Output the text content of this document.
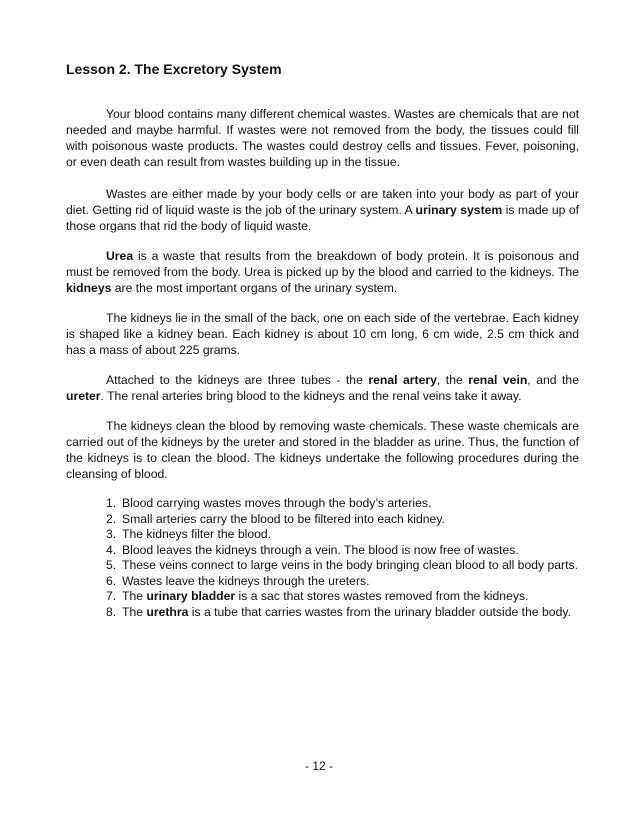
Lesson 2. The Excretory System

Your blood contains many different chemical wastes. Wastes are chemicals that are not needed and maybe harmful. If wastes were not removed from the body, the tissues could fill with poisonous waste products. The wastes could destroy cells and tissues. Fever, poisoning, or even death can result from wastes building up in the tissue.

Wastes are either made by your body cells or are taken into your body as part of your diet. Getting rid of liquid waste is the job of the urinary system. A urinary system is made up of those organs that rid the body of liquid waste.

Urea is a waste that results from the breakdown of body protein. It is poisonous and must be removed from the body. Urea is picked up by the blood and carried to the kidneys. The kidneys are the most important organs of the urinary system.

The kidneys lie in the small of the back, one on each side of the vertebrae. Each kidney is shaped like a kidney bean. Each kidney is about 10 cm long, 6 cm wide, 2.5 cm thick and has a mass of about 225 grams.

Attached to the kidneys are three tubes - the renal artery, the renal vein, and the ureter. The renal arteries bring blood to the kidneys and the renal veins take it away.

The kidneys clean the blood by removing waste chemicals. These waste chemicals are carried out of the kidneys by the ureter and stored in the bladder as urine. Thus, the function of the kidneys is to clean the blood. The kidneys undertake the following procedures during the cleansing of blood.

1. Blood carrying wastes moves through the body’s arteries.
2. Small arteries carry the blood to be filtered into each kidney.
3. The kidneys filter the blood.
4. Blood leaves the kidneys through a vein. The blood is now free of wastes.
5. These veins connect to large veins in the body bringing clean blood to all body parts.
6. Wastes leave the kidneys through the ureters.
7. The urinary bladder is a sac that stores wastes removed from the kidneys.
8. The urethra is a tube that carries wastes from the urinary bladder outside the body.
- 12 -
